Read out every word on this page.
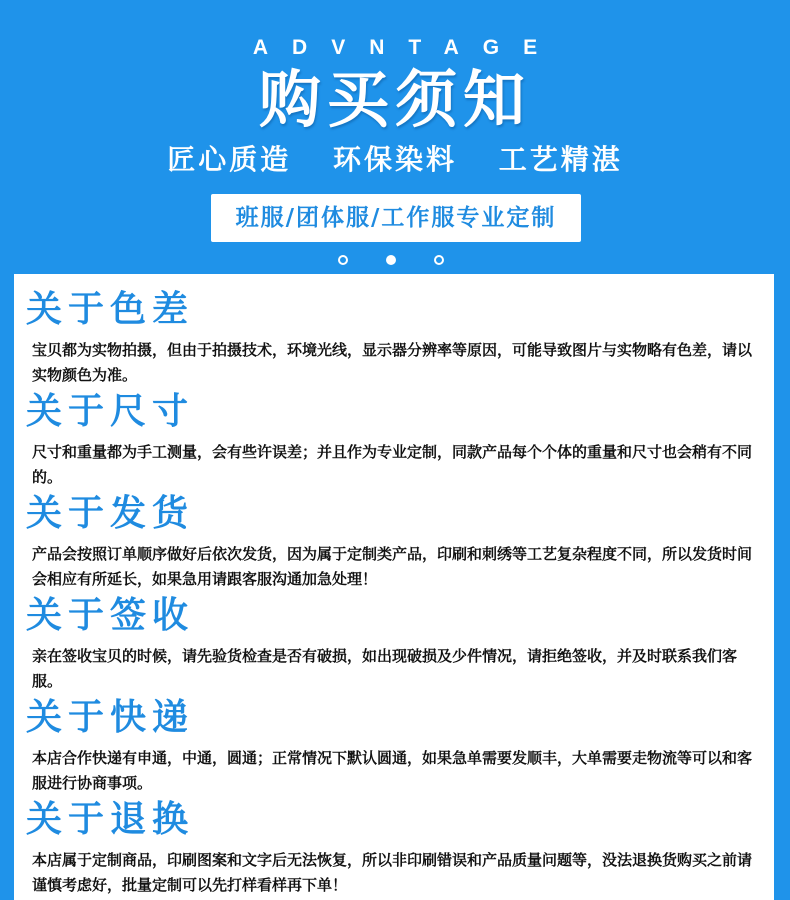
ADVNTAGE
购买须知
匠心质造 环保染料 工艺精湛
班服/团体服/工作服专业定制
关于色差
宝贝都为实物拍摄，但由于拍摄技术，环境光线，显示器分辨率等原因，可能导致图片与实物略有色差，请以实物颜色为准。
关于尺寸
尺寸和重量都为手工测量，会有些许误差；并且作为专业定制，同款产品每个个体的重量和尺寸也会稍有不同的。
关于发货
产品会按照订单顺序做好后依次发货，因为属于定制类产品，印刷和刺绣等工艺复杂程度不同，所以发货时间会相应有所延长，如果急用请跟客服沟通加急处理！
关于签收
亲在签收宝贝的时候，请先验货检查是否有破损，如出现破损及少件情况，请拒绝签收，并及时联系我们客服。
关于快递
本店合作快递有申通，中通，圆通；正常情况下默认圆通，如果急单需要发顺丰，大单需要走物流等可以和客服进行协商事项。
关于退换
本店属于定制商品，印刷图案和文字后无法恢复，所以非印刷错误和产品质量问题等，没法退换货购买之前请谨慎考虑好，批量定制可以先打样看样再下单！
